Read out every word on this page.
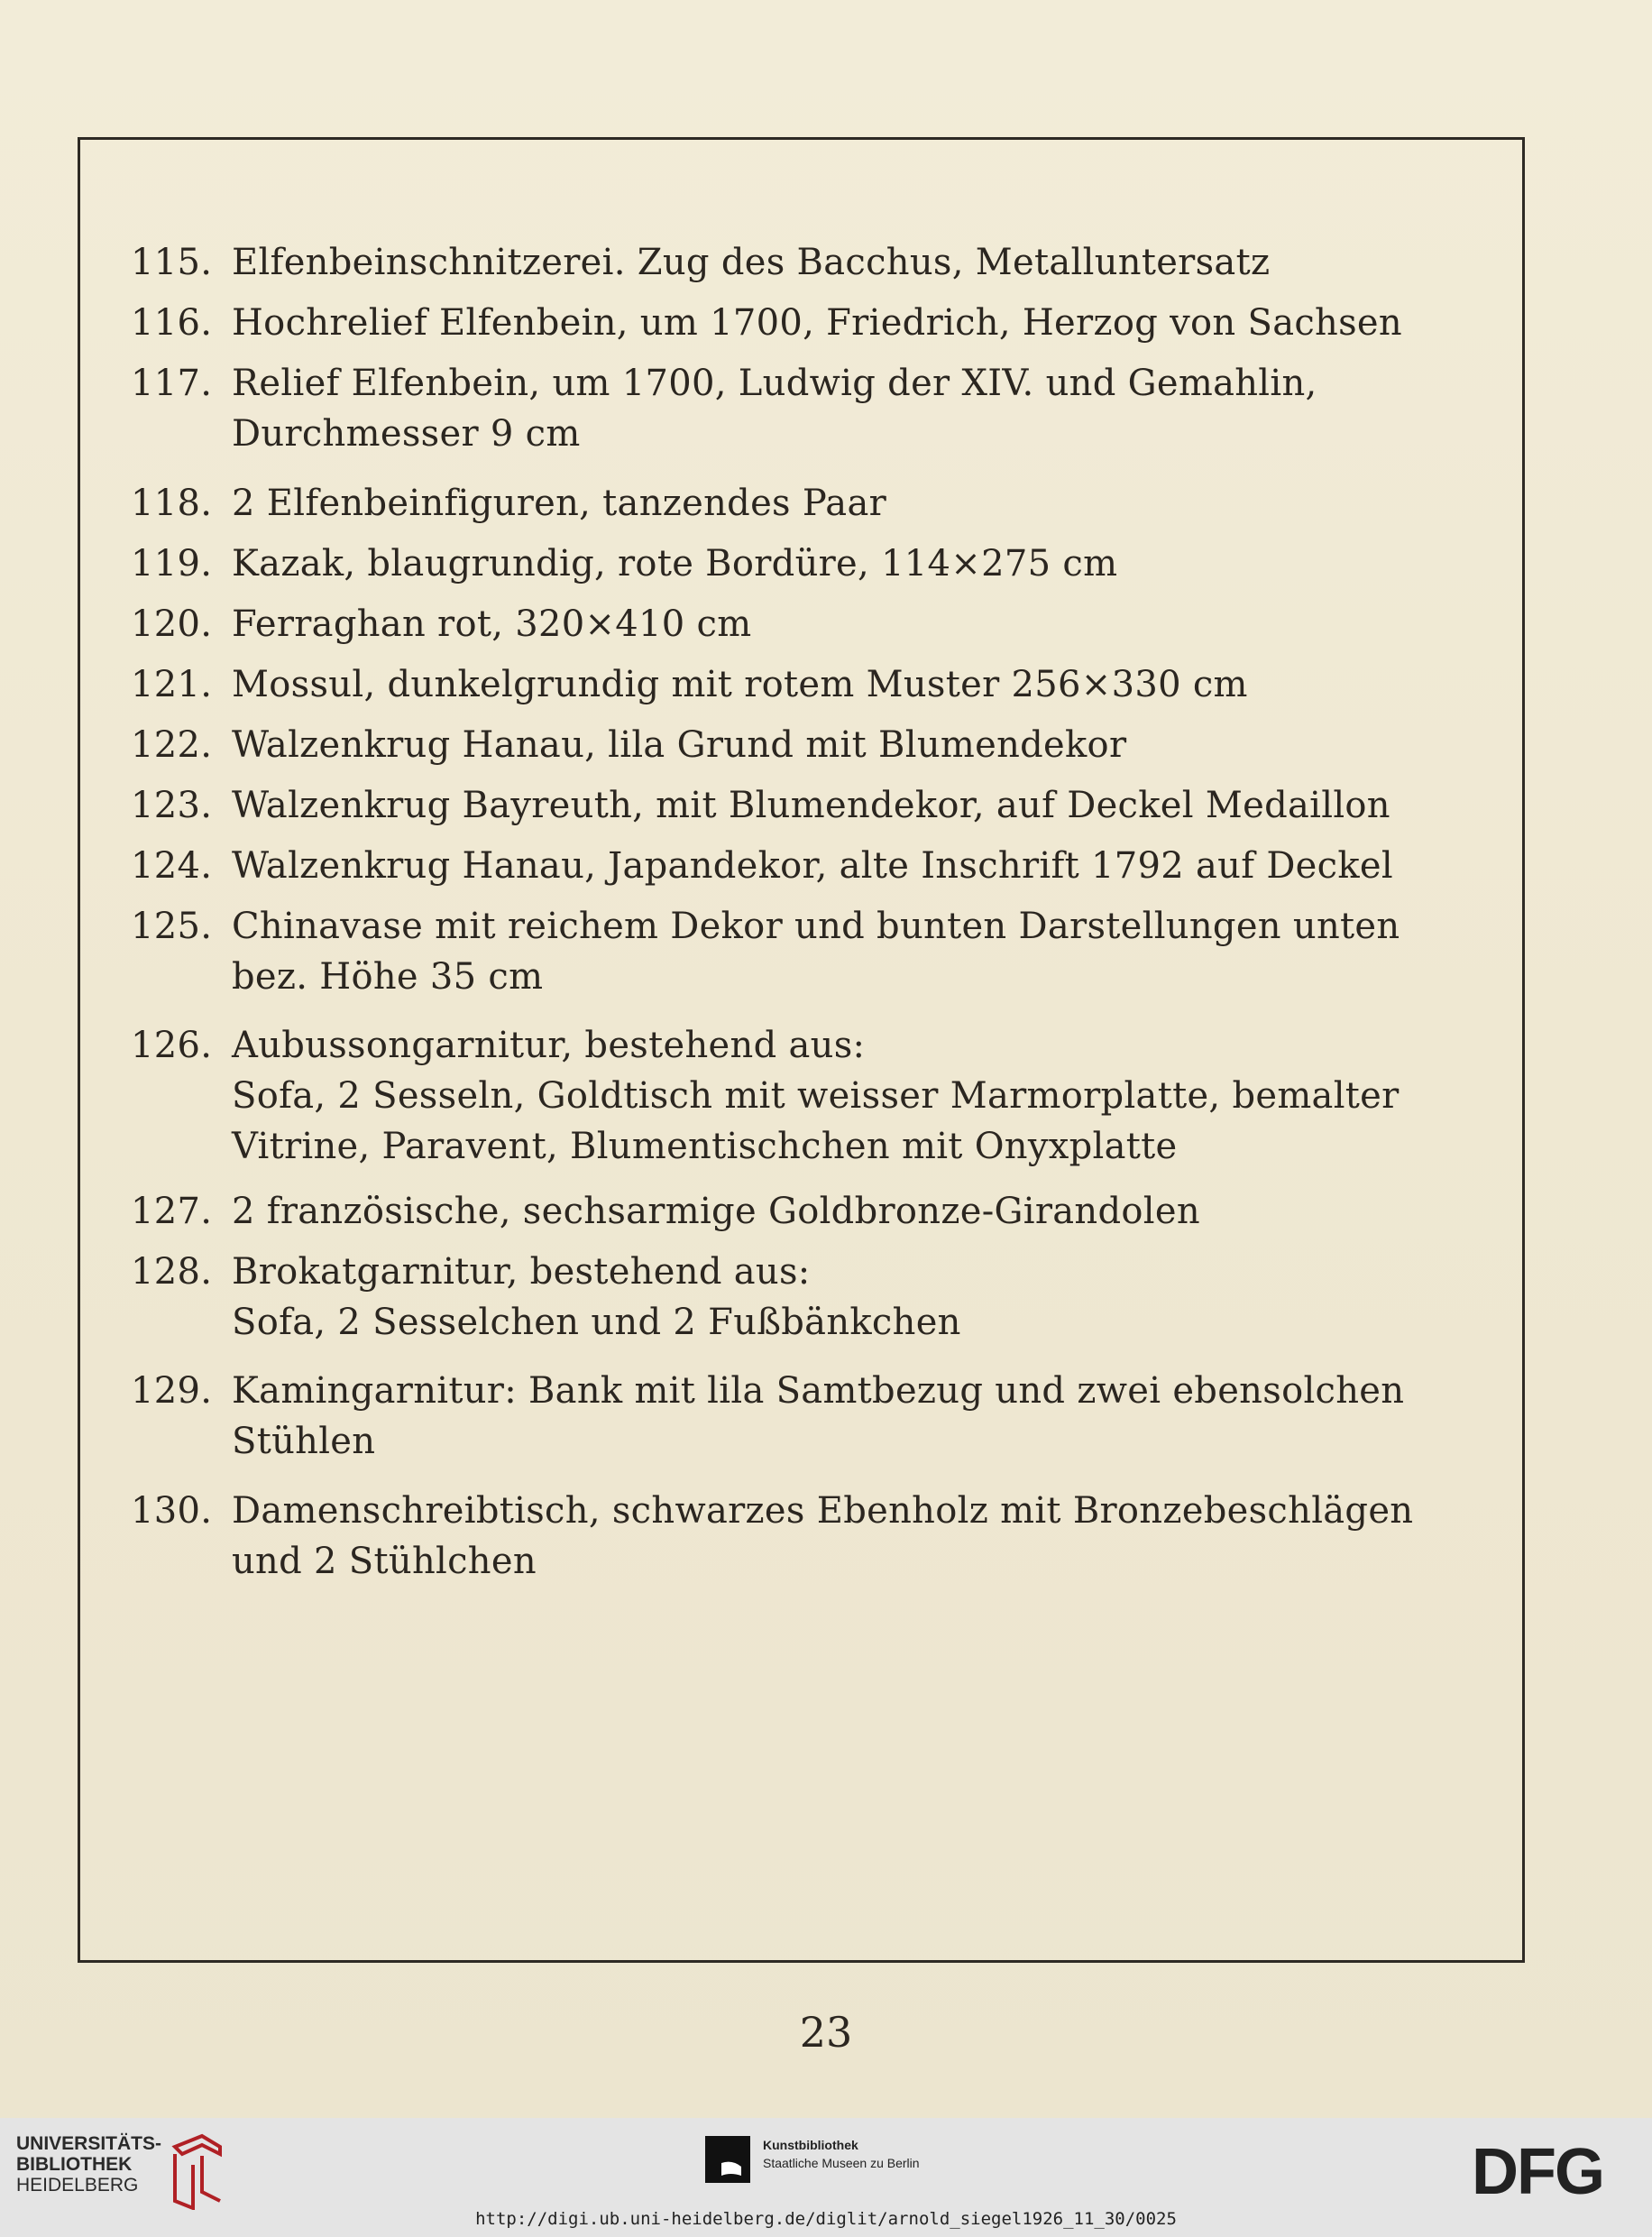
115. Elfenbeinschnitzerei. Zug des Bacchus, Metalluntersatz
116. Hochrelief Elfenbein, um 1700, Friedrich, Herzog von Sachsen
117. Relief Elfenbein, um 1700, Ludwig der XIV. und Gemahlin,
Durchmesser 9 cm
118. 2 Elfenbeinfiguren, tanzendes Paar
119. Kazak, blaugrundig, rote Bordüre, 114×275 cm
120. Ferraghan rot, 320×410 cm
121. Mossul, dunkelgrundig mit rotem Muster 256×330 cm
122. Walzenkrug Hanau, lila Grund mit Blumendekor
123. Walzenkrug Bayreuth, mit Blumendekor, auf Deckel Medaillon
124. Walzenkrug Hanau, Japandekor, alte Inschrift 1792 auf Deckel
125. Chinavase mit reichem Dekor und bunten Darstellungen unten
bez. Höhe 35 cm
126. Aubussongarnitur, bestehend aus:
Sofa, 2 Sesseln, Goldtisch mit weisser Marmorplatte, bemalter
Vitrine, Paravent, Blumentischchen mit Onyxplatte
127. 2 französische, sechsarmige Goldbronze-Girandolen
128. Brokatgarnitur, bestehend aus:
Sofa, 2 Sesselchen und 2 Fußbänkchen
129. Kamingarnitur: Bank mit lila Samtbezug und zwei ebensolchen
Stühlen
130. Damenschreibtisch, schwarzes Ebenholz mit Bronzebeschlägen
und 2 Stühlchen
23
UNIVERSITÄTS-
BIBLIOTHEK
HEIDELBERG
Kunstbibliothek
Staatliche Museen zu Berlin	DFG
http://digi.ub.uni-heidelberg.de/diglit/arnold_siegel1926_11_30/0025
